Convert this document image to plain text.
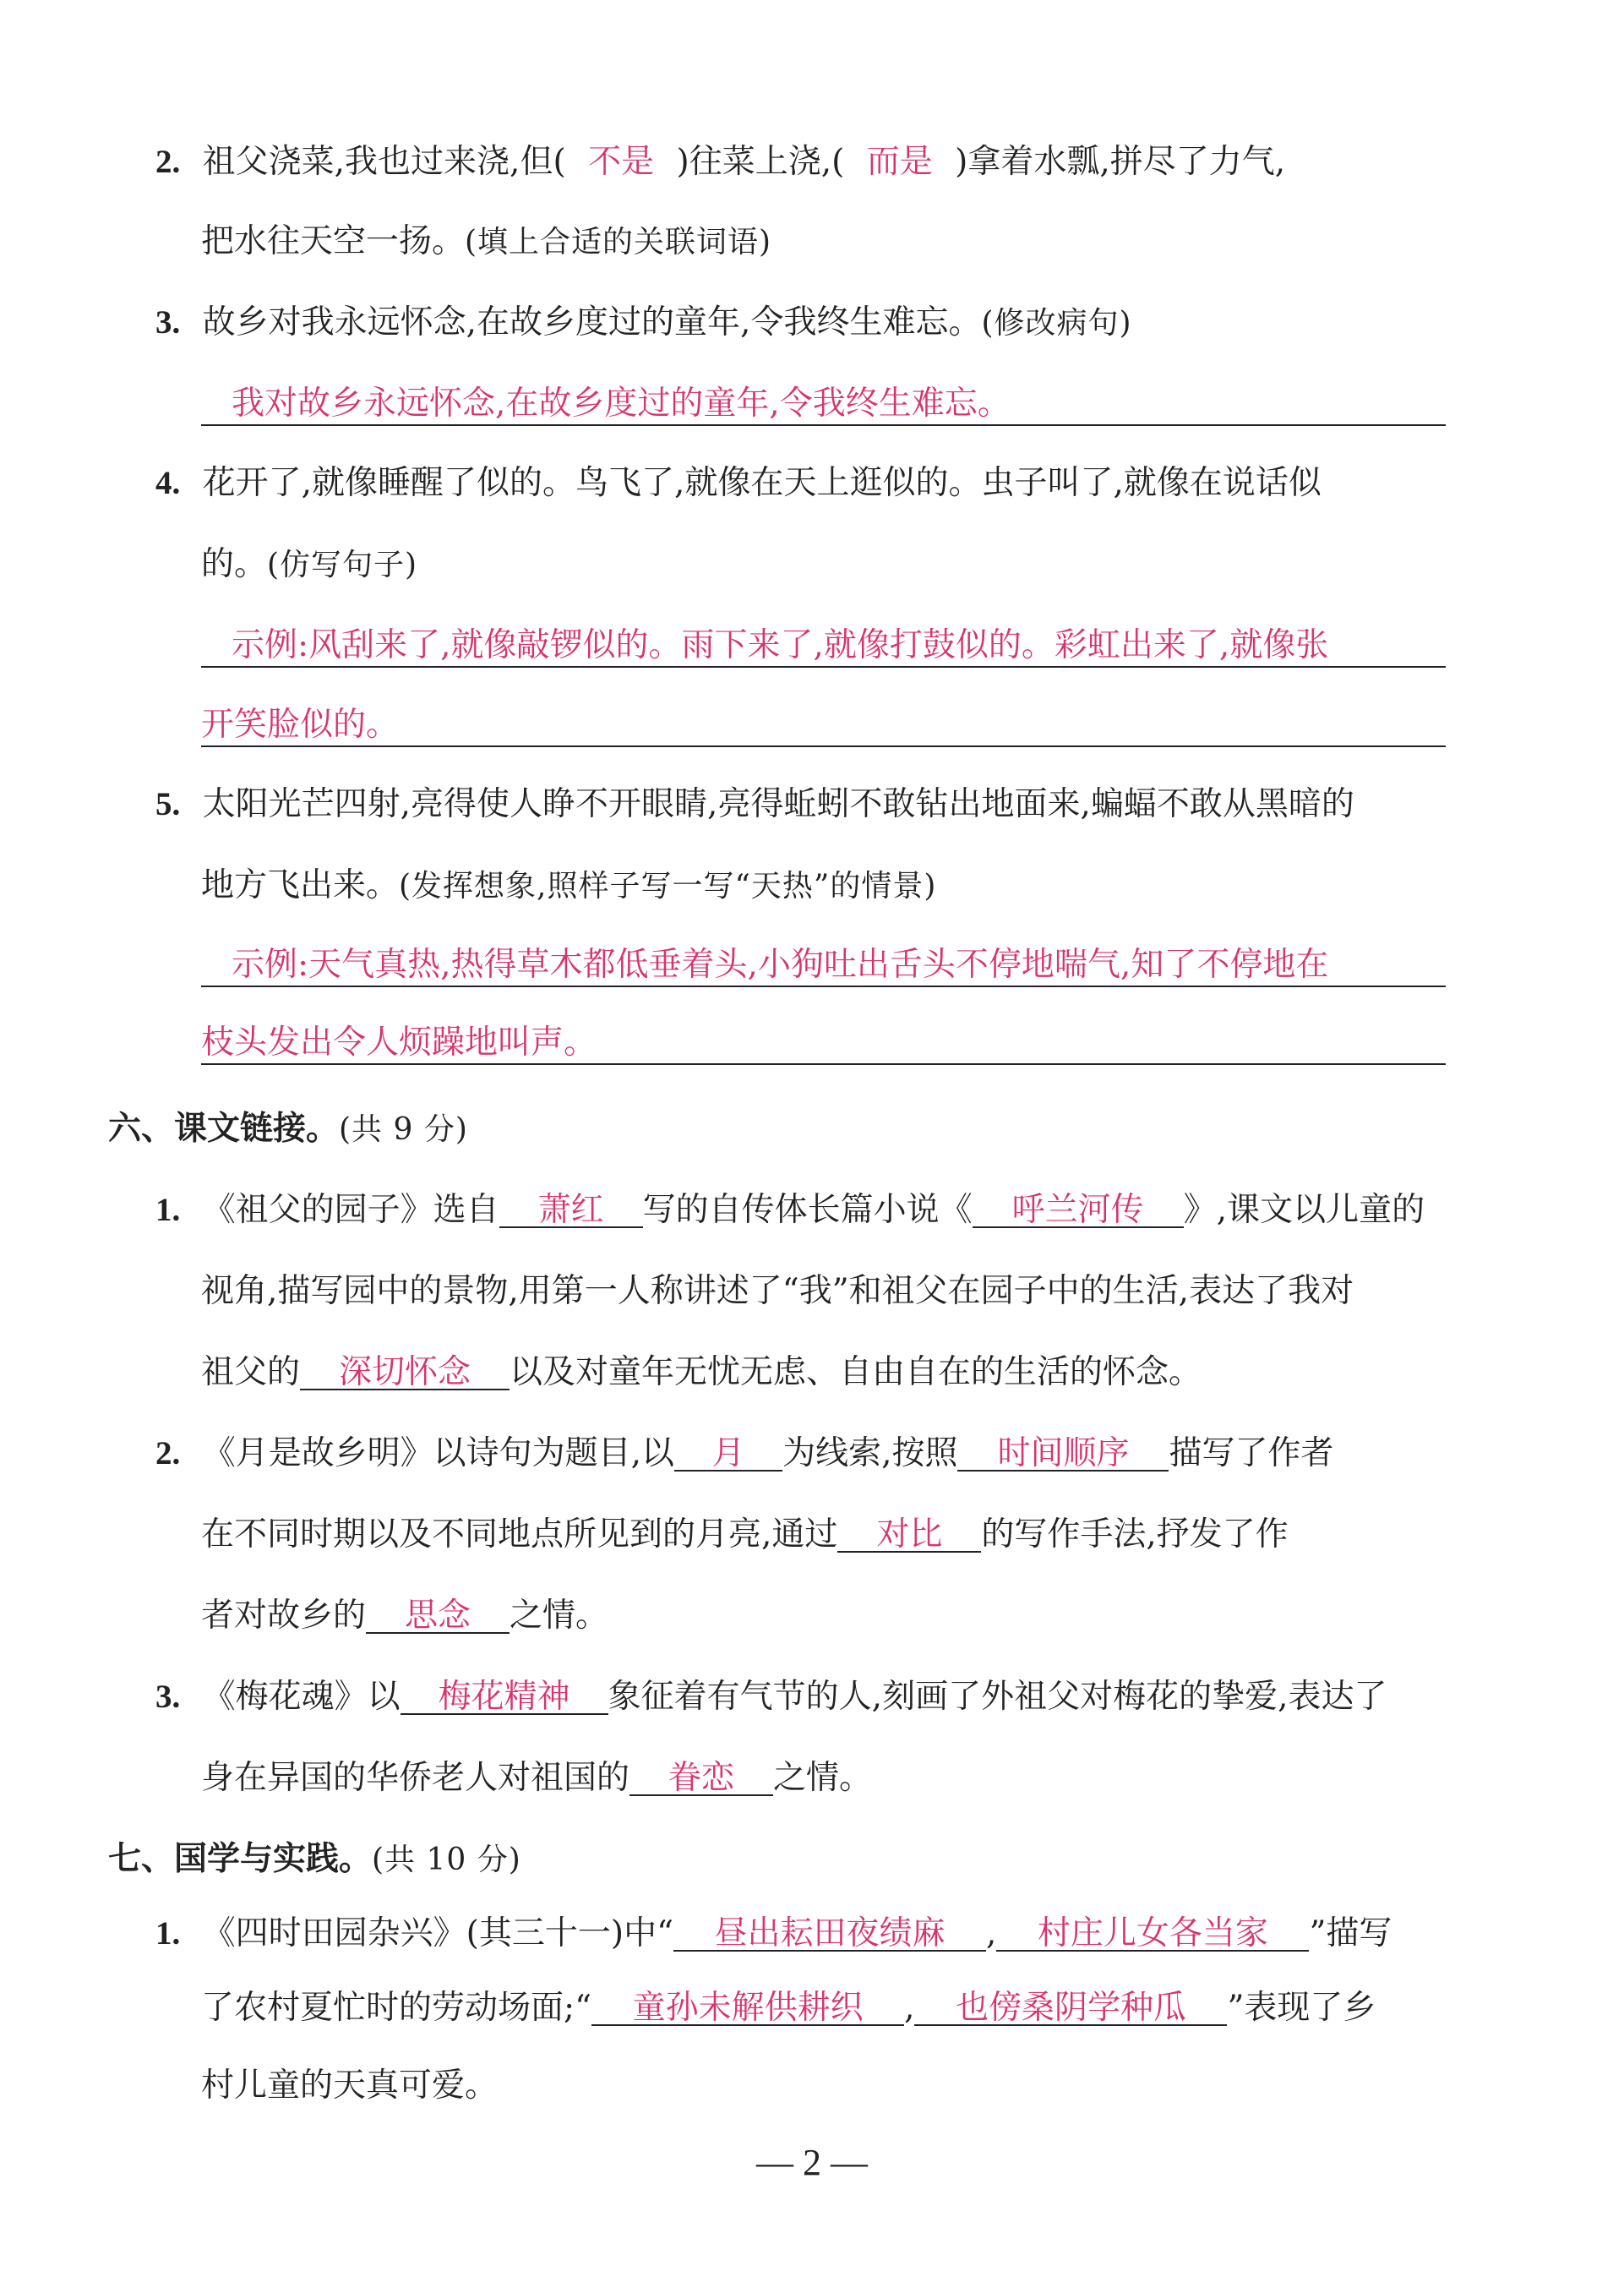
2. 祖父浇菜,我也过来浇,但( 不是 )往菜上浇,( 而是 )拿着水瓢,拼尽了力气,
把水往天空一扬。(填上合适的关联词语)
3. 故乡对我永远怀念,在故乡度过的童年,令我终生难忘。(修改病句)
我对故乡永远怀念,在故乡度过的童年,令我终生难忘。
4. 花开了,就像睡醒了似的。鸟飞了,就像在天上逛似的。虫子叫了,就像在说话似
的。(仿写句子)
示例:风刮来了,就像敲锣似的。雨下来了,就像打鼓似的。彩虹出来了,就像张
开笑脸似的。
5. 太阳光芒四射,亮得使人睁不开眼睛,亮得蚯蚓不敢钻出地面来,蝙蝠不敢从黑暗的
地方飞出来。(发挥想象,照样子写一写“天热”的情景)
示例:天气真热,热得草木都低垂着头,小狗吐出舌头不停地喘气,知了不停地在
枝头发出令人烦躁地叫声。
六、课文链接。(共 9 分)
1. 《祖父的园子》选自 萧红 写的自传体长篇小说《 呼兰河传 》,课文以儿童的
视角,描写园中的景物,用第一人称讲述了“我”和祖父在园子中的生活,表达了我对
祖父的 深切怀念 以及对童年无忧无虑、自由自在的生活的怀念。
2. 《月是故乡明》以诗句为题目,以 月 为线索,按照 时间顺序 描写了作者
在不同时期以及不同地点所见到的月亮,通过 对比 的写作手法,抒发了作
者对故乡的 思念 之情。
3. 《梅花魂》以 梅花精神 象征着有气节的人,刻画了外祖父对梅花的挚爱,表达了
身在异国的华侨老人对祖国的 眷恋 之情。
七、国学与实践。(共 10 分)
1. 《四时田园杂兴》(其三十一)中“ 昼出耘田夜绩麻 , 村庄儿女各当家 ”描写
了农村夏忙时的劳动场面;“ 童孙未解供耕织 , 也傍桑阴学种瓜 ”表现了乡
村儿童的天真可爱。
— 2 —
